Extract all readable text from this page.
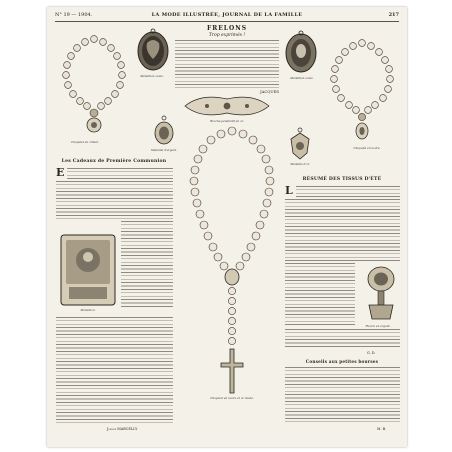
N° 19 — 1904.	LA MODE ILLUSTRÉE, JOURNAL DE LA FAMILLE	217
FRELONS
Trop exprimés !
JACQUES
Médaillon ovale.	Médaillon ovale.
Chapelet en cristal.
Chapelet en ivoire.
Médaille d'argent.
Broche-pendentif en or.
Médaille d'or.
Chapelet en nacre et or ciselé.
Les Cadeaux de Première Communion
E
Médaillon.
Jeanne MARCELLY
RÉSUMÉ DES TISSUS D'ÉTÉ
L
Flacon en argent.
G. D.
Conseils aux petites bourses
M. B.
